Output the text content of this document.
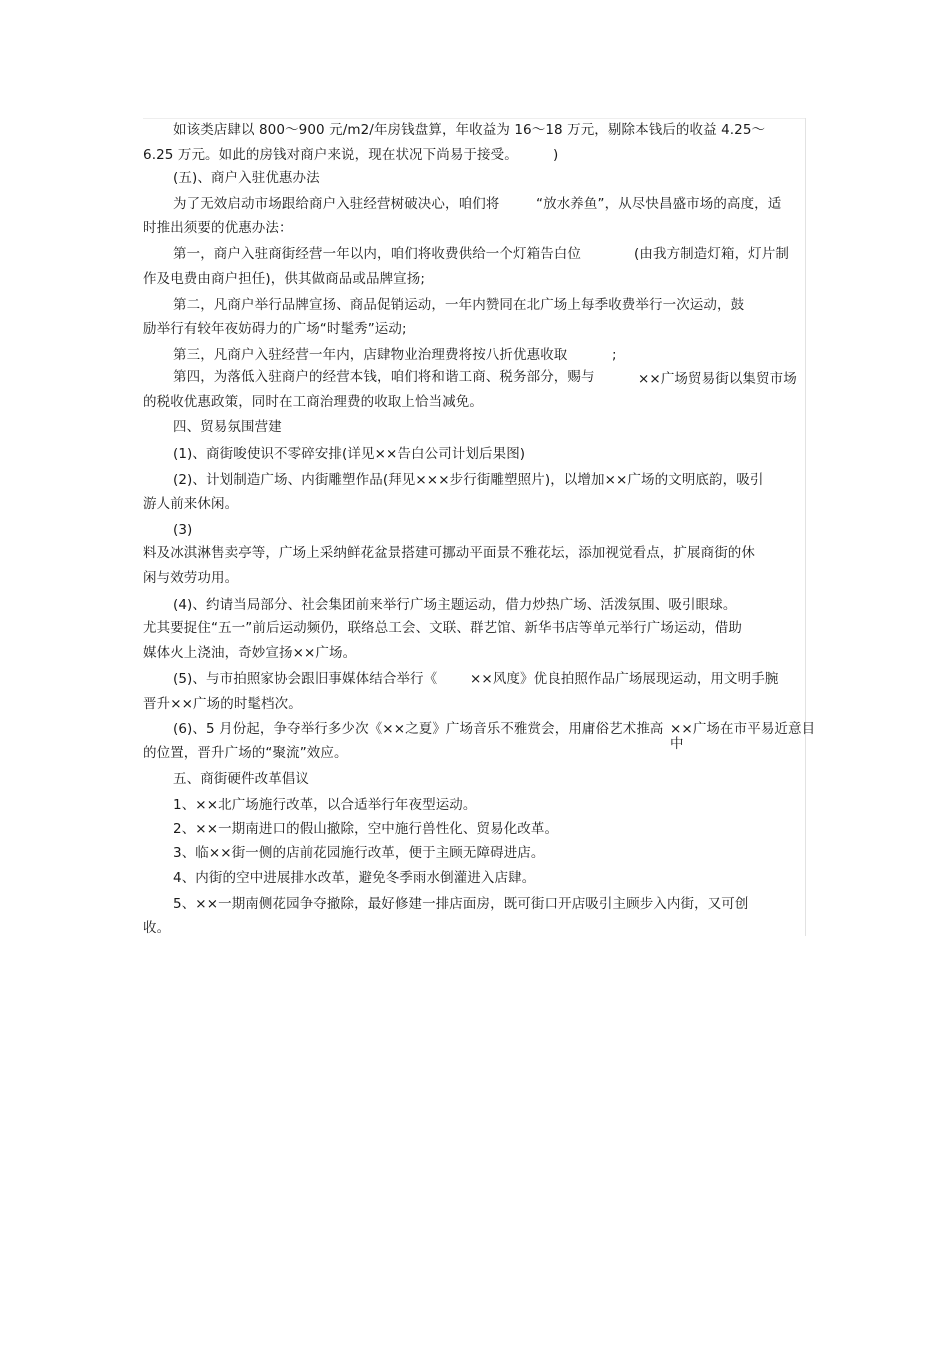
如该类店肆以 800～900 元/m2/年房钱盘算，年收益为 16～18 万元，剔除本钱后的收益 4.25～
6.25 万元。如此的房钱对商户来说，现在状况下尚易于接受。	)
(五)、商户入驻优惠办法
为了无效启动市场跟给商户入驻经营树破决心，咱们将	“放水养鱼”，从尽快昌盛市场的高度，适
时推出须要的优惠办法：
第一，商户入驻商街经营一年以内，咱们将收费供给一个灯箱告白位	(由我方制造灯箱，灯片制
作及电费由商户担任)，供其做商品或品牌宣扬;
第二，凡商户举行品牌宣扬、商品促销运动，一年内赞同在北广场上每季收费举行一次运动，鼓
励举行有较年夜妨碍力的广场“时髦秀”运动;
第三，凡商户入驻经营一年内，店肆物业治理费将按八折优惠收取	;
第四，为落低入驻商户的经营本钱，咱们将和谐工商、税务部分，赐与	××广场贸易街以集贸市场
的税收优惠政策，同时在工商治理费的收取上恰当减免。
四、贸易氛围营建
(1)、商街唆使识不零碎安排(详见××告白公司计划后果图)
(2)、计划制造广场、内街雕塑作品(拜见×××步行街雕塑照片)，以增加××广场的文明底韵，吸引
游人前来休闲。
(3)
料及冰淇淋售卖亭等，广场上采纳鲜花盆景搭建可挪动平面景不雅花坛，添加视觉看点，扩展商街的休
闲与效劳功用。
(4)、约请当局部分、社会集团前来举行广场主题运动，借力炒热广场、活泼氛围、吸引眼球。
尤其要捉住“五一”前后运动频仍，联络总工会、文联、群艺馆、新华书店等单元举行广场运动，借助
媒体火上浇油，奇妙宣扬××广场。
(5)、与市拍照家协会跟旧事媒体结合举行《 ××风度》优良拍照作品广场展现运动，用文明手腕
晋升××广场的时髦档次。
(6)、5 月份起，争夺举行多少次《××之夏》广场音乐不雅赏会，用庸俗艺术推高 ××广场在市平易近意目
中
的位置，晋升广场的“聚流”效应。
五、商街硬件改革倡议
1、××北广场施行改革，以合适举行年夜型运动。
2、××一期南进口的假山撤除，空中施行兽性化、贸易化改革。
3、临××街一侧的店前花园施行改革，便于主顾无障碍进店。
4、内街的空中进展排水改革，避免冬季雨水倒灌进入店肆。
5、××一期南侧花园争夺撤除，最好修建一排店面房，既可街口开店吸引主顾步入内街，又可创
收。
